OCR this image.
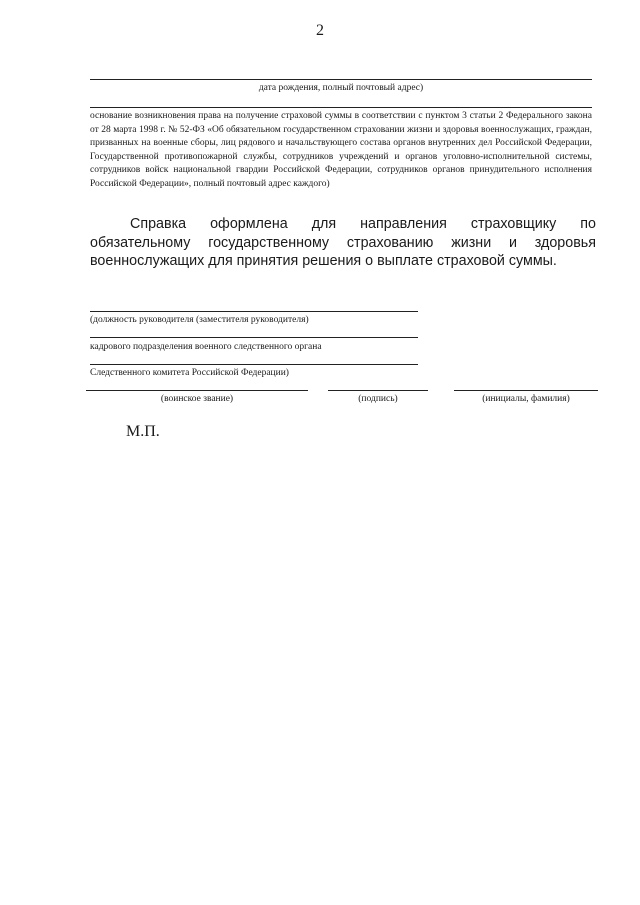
2
дата рождения, полный почтовый адрес)
основание возникновения права на получение страховой суммы в соответствии с пунктом 3 статьи 2 Федерального закона от 28 марта 1998 г. № 52-ФЗ «Об обязательном государственном страховании жизни и здоровья военнослужащих, граждан, призванных на военные сборы, лиц рядового и начальствующего состава органов внутренних дел Российской Федерации, Государственной противопожарной службы, сотрудников учреждений и органов уголовно-исполнительной системы, сотрудников войск национальной гвардии Российской Федерации, сотрудников органов принудительного исполнения Российской Федерации», полный почтовый адрес каждого)
Справка оформлена для направления страховщику по обязательному государственному страхованию жизни и здоровья военнослужащих для принятия решения о выплате страховой суммы.
(должность руководителя (заместителя руководителя)
кадрового подразделения военного следственного органа
Следственного комитета Российской Федерации)
(воинское звание)	(подпись)	(инициалы, фамилия)
М.П.
